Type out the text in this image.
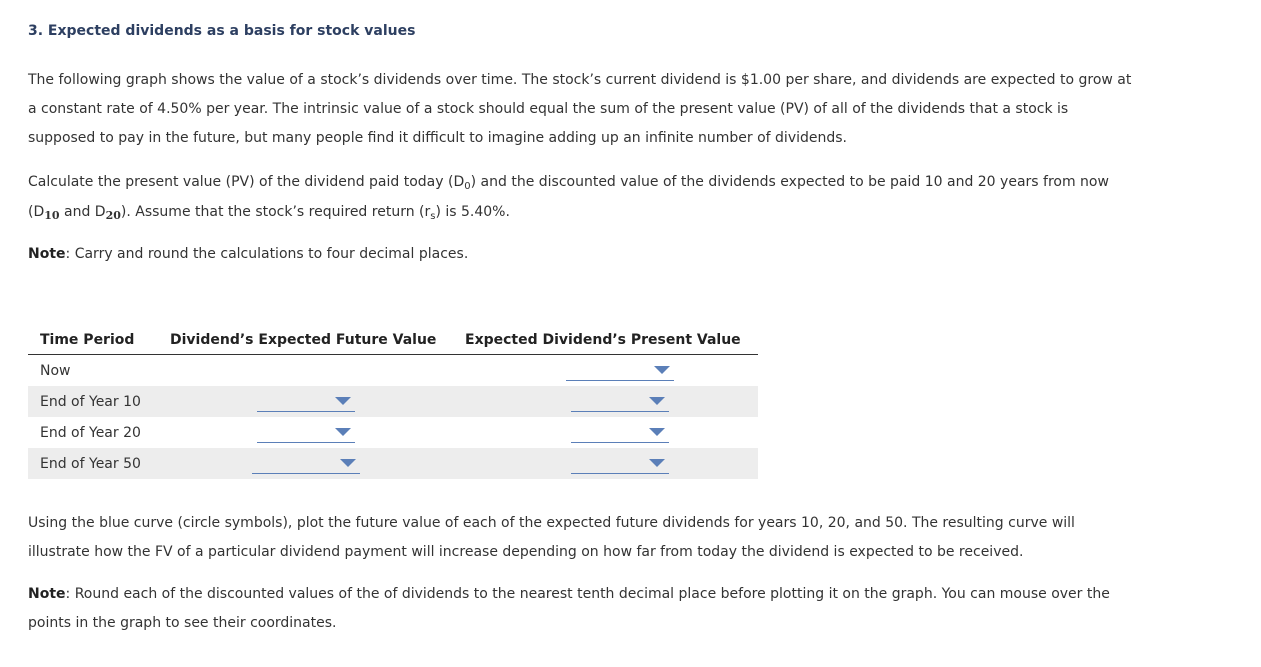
3. Expected dividends as a basis for stock values

The following graph shows the value of a stock’s dividends over time. The stock’s current dividend is $1.00 per share, and dividends are expected to grow at a constant rate of 4.50% per year. The intrinsic value of a stock should equal the sum of the present value (PV) of all of the dividends that a stock is supposed to pay in the future, but many people find it difficult to imagine adding up an infinite number of dividends.

Calculate the present value (PV) of the dividend paid today $(D_0)$ and the discounted value of the dividends expected to be paid 10 and 20 years from now ($D_{10}$ and $D_{20}$). Assume that the stock’s required return $(r_s)$ is 5.40%.

Note: Carry and round the calculations to four decimal places.

Time Period	Dividend’s Expected Future Value	Expected Dividend’s Present Value
Now		

End of Year 10	

End of Year 20	

End of Year 50	

Using the blue curve (circle symbols), plot the future value of each of the expected future dividends for years 10, 20, and 50. The resulting curve will illustrate how the FV of a particular dividend payment will increase depending on how far from today the dividend is expected to be received.

Note: Round each of the discounted values of the of dividends to the nearest tenth decimal place before plotting it on the graph. You can mouse over the points in the graph to see their coordinates.
